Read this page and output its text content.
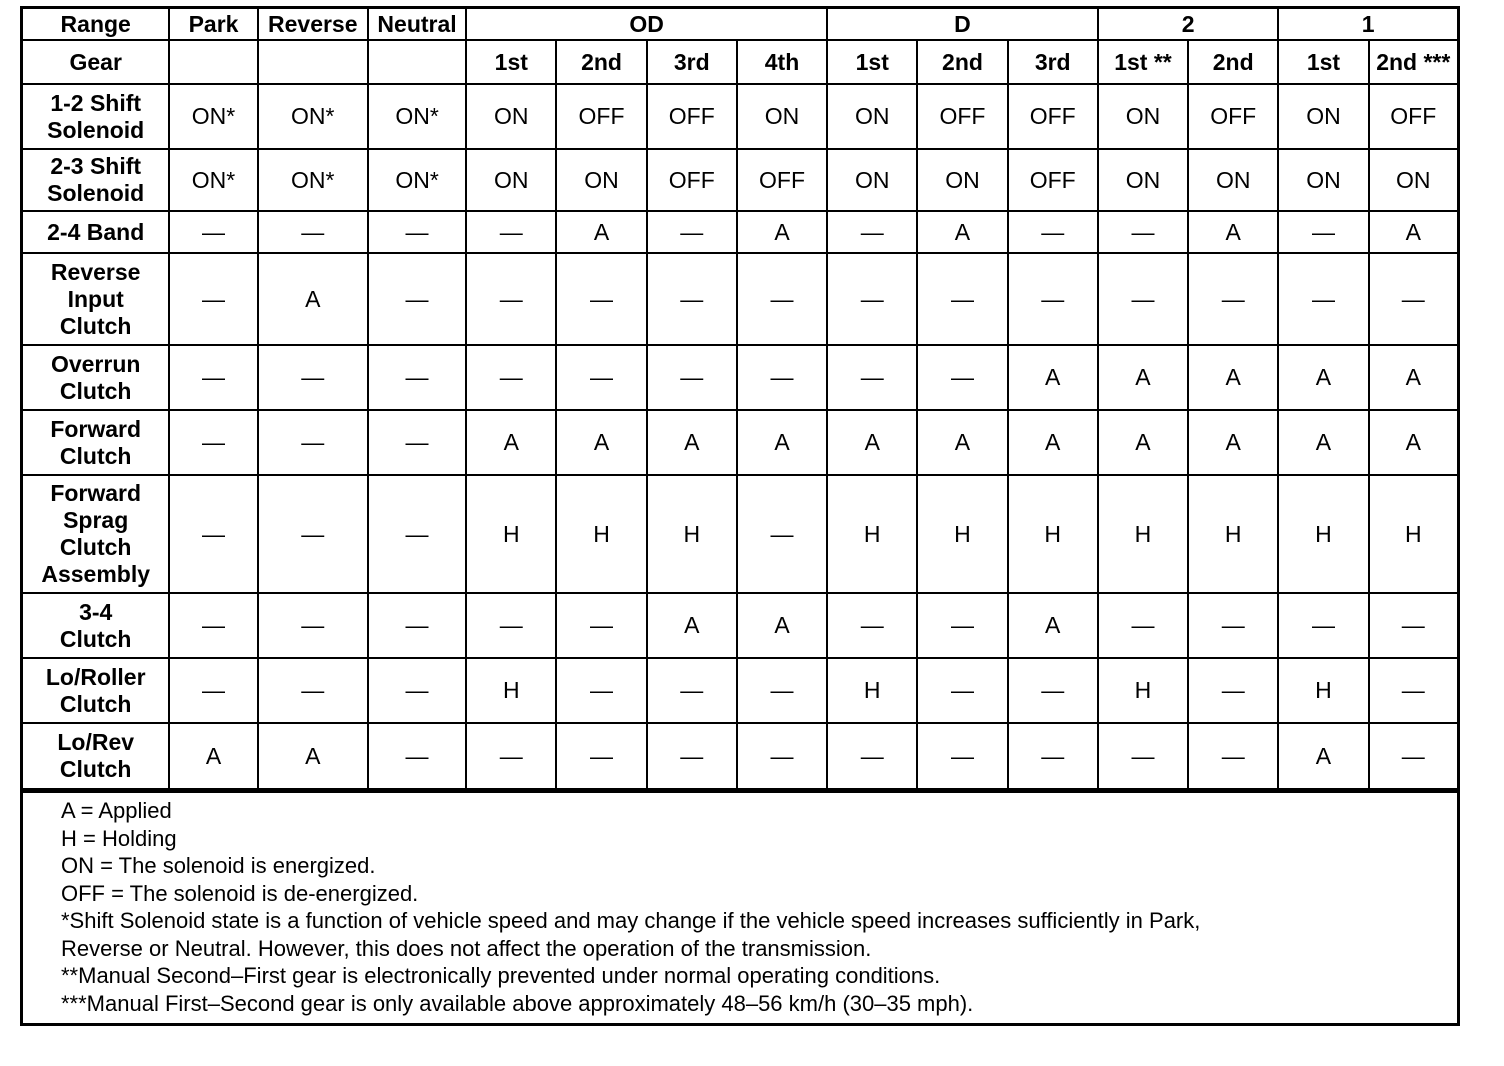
Range	Park	Reverse	Neutral	OD				D			2		1	
Gear				1st	2nd	3rd	4th	1st	2nd	3rd	1st **	2nd	1st	2nd ***

1-2 Shift
Solenoid	ON*	ON*	ON*	ON	OFF	OFF	ON	ON	OFF	OFF	ON	OFF	ON	OFF

2-3 Shift
Solenoid	ON*	ON*	ON*	ON	ON	OFF	OFF	ON	ON	OFF	ON	ON	ON	ON

2-4 Band	—	—	—	—	A	—	A	—	A	—	—	A	—	A

Reverse
Input
Clutch	—	A	—	—	—	—	—	—	—	—	—	—	—	—

Overrun
Clutch	—	—	—	—	—	—	—	—	—	A	A	A	A	A

Forward
Clutch	—	—	—	A	A	A	A	A	A	A	A	A	A	A

Forward
Sprag
Clutch
Assembly	—	—	—	H	H	H	—	H	H	H	H	H	H	H

3-4
Clutch	—	—	—	—	—	A	A	—	—	A	—	—	—	—

Lo/Roller
Clutch	—	—	—	H	—	—	—	H	—	—	H	—	H	—

Lo/Rev
Clutch	A	A	—	—	—	—	—	—	—	—	—	—	A	—
A = Applied
H = Holding
ON = The solenoid is energized.
OFF = The solenoid is de-energized.
*Shift Solenoid state is a function of vehicle speed and may change if the vehicle speed increases sufficiently in Park,
Reverse or Neutral. However, this does not affect the operation of the transmission.
**Manual Second–First gear is electronically prevented under normal operating conditions.
***Manual First–Second gear is only available above approximately 48–56 km/h (30–35 mph).
